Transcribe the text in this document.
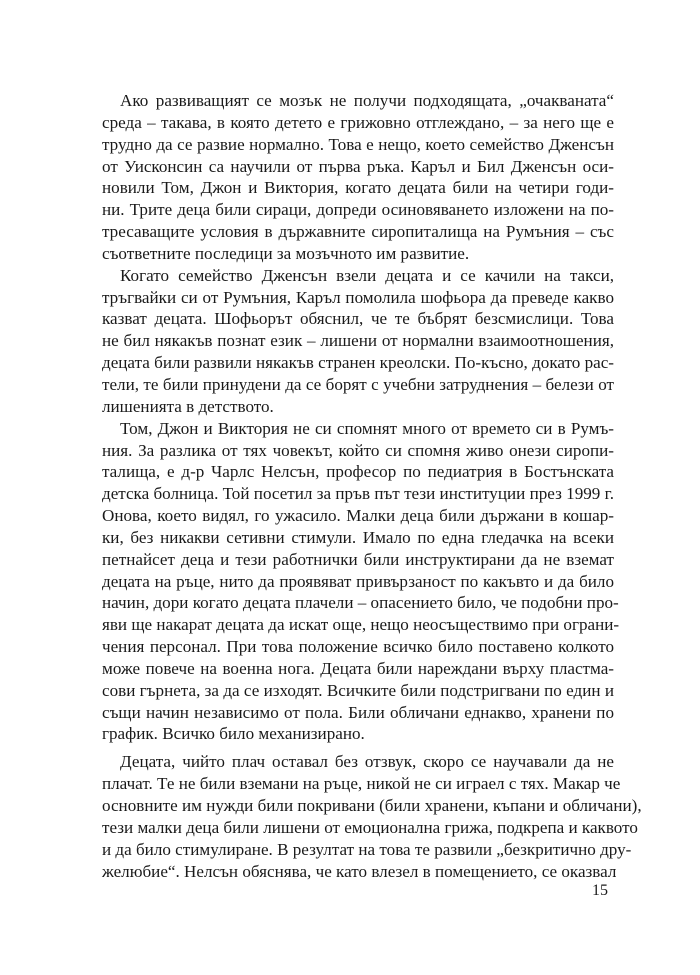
Ако развиващият се мозък не получи подходящата, „очакваната“
среда – такава, в която детето е грижовно отглеждано, – за него ще е
трудно да се развие нормално. Това е нещо, което семейство Дженсън
от Уисконсин са научили от първа ръка. Каръл и Бил Дженсън оси-
новили Том, Джон и Виктория, когато децата били на четири годи-
ни. Трите деца били сираци, допреди осиновяването изложени на по-
тресаващите условия в държавните сиропиталища на Румъния – със
съответните последици за мозъчното им развитие.

Когато семейство Дженсън взели децата и се качили на такси,
тръгвайки си от Румъния, Каръл помолила шофьора да преведе какво
казват децата. Шофьорът обяснил, че те бъбрят безсмислици. Това
не бил някакъв познат език – лишени от нормални взаимоотношения,
децата били развили някакъв странен креолски. По-късно, докато рас-
тели, те били принудени да се борят с учебни затруднения – белези от
лишенията в детството.

Том, Джон и Виктория не си спомнят много от времето си в Румъ-
ния. За разлика от тях човекът, който си спомня живо онези сиропи-
талища, е д-р Чарлс Нелсън, професор по педиатрия в Бостънската
детска болница. Той посетил за пръв път тези институции през 1999 г.
Онова, което видял, го ужасило. Малки деца били държани в кошар-
ки, без никакви сетивни стимули. Имало по една гледачка на всеки
петнайсет деца и тези работнички били инструктирани да не вземат
децата на ръце, нито да проявяват привързаност по какъвто и да било
начин, дори когато децата плачели – опасението било, че подобни про-
яви ще накарат децата да искат още, нещо неосъществимо при ограни-
чения персонал. При това положение всичко било поставено колкото
може повече на военна нога. Децата били нареждани върху пластма-
сови гърнета, за да се изходят. Всичките били подстригвани по един и
същи начин независимо от пола. Били обличани еднакво, хранени по
график. Всичко било механизирано.

Децата, чийто плач оставал без отзвук, скоро се научавали да не
плачат. Те не били вземани на ръце, никой не си играел с тях. Макар че
основните им нужди били покривани (били хранени, къпани и обличани),
тези малки деца били лишени от емоционална грижа, подкрепа и каквото
и да било стимулиране. В резултат на това те развили „безкритично дру-
желюбие“. Нелсън обяснява, че като влезел в помещението, се оказвал

15
